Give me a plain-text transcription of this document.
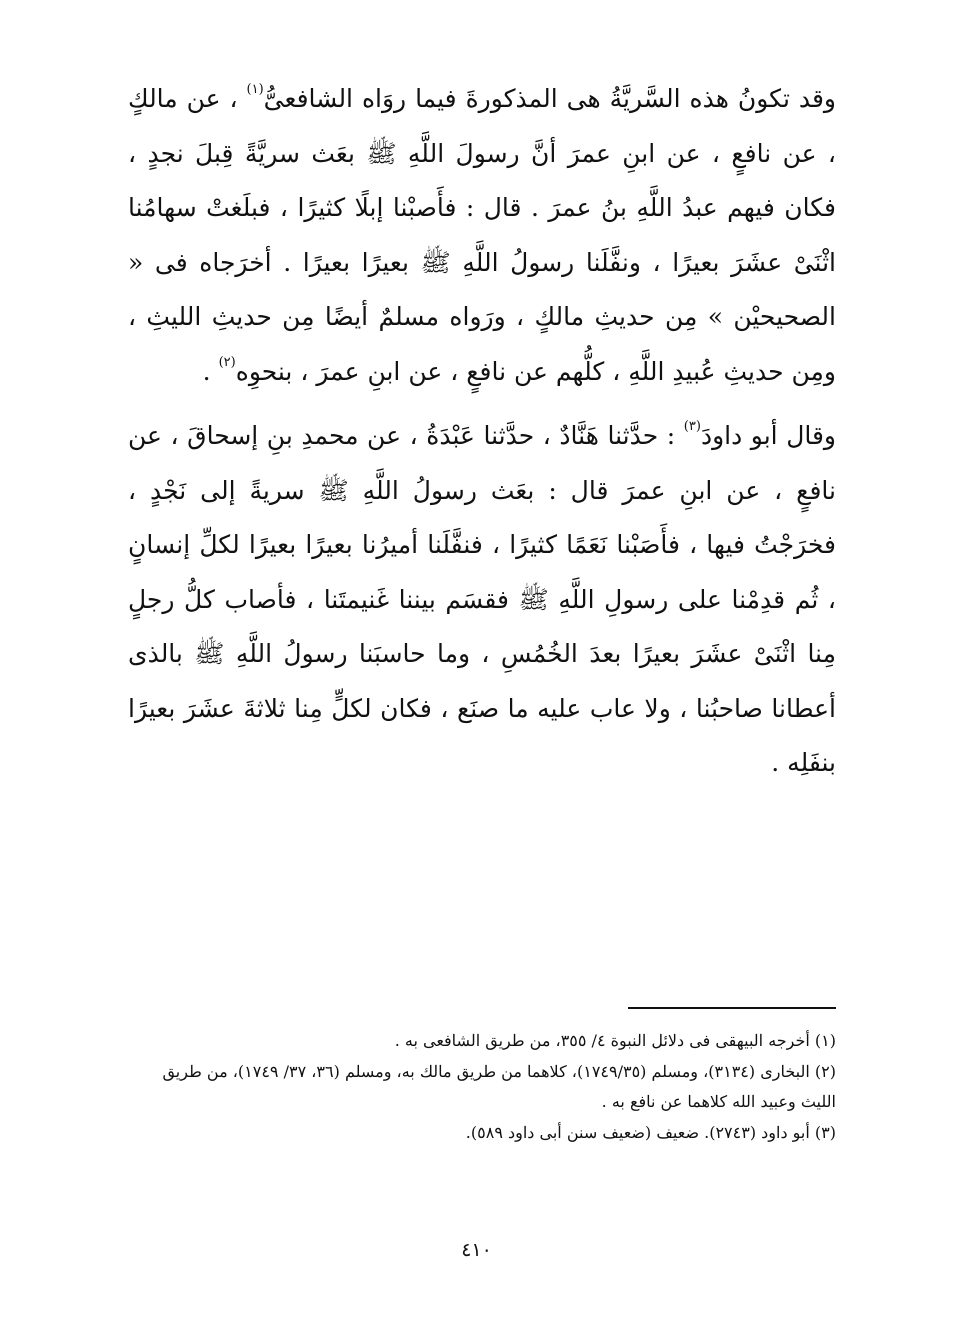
وقد تكونُ هذه السَّريَّةُ هى المذكورةَ فيما روَاه الشافعىُّ$^{(١)}$ ، عن مالكٍ ، عن نافعٍ ، عن ابنِ عمرَ أنَّ رسولَ اللَّهِ ﷺ بعَث سريَّةً قِبلَ نجدٍ ، فكان فيهم عبدُ اللَّهِ بنُ عمرَ . قال : فأَصبْنا إبلًا كثيرًا ، فبلَغتْ سهامُنا اثْنَىْ عشَرَ بعيرًا ، ونفَّلَنا رسولُ اللَّهِ ﷺ بعيرًا بعيرًا . أخرَجاه فى « الصحيحيْن » مِن حديثِ مالكٍ ، ورَواه مسلمٌ أيضًا مِن حديثِ الليثِ ، ومِن حديثِ عُبيدِ اللَّهِ ، كلُّهم عن نافعٍ ، عن ابنِ عمرَ ، بنحوِه$^{(٢)}$ .

وقال أبو داودَ$^{(٣)}$ : حدَّثنا هَنَّادٌ ، حدَّثنا عَبْدَةُ ، عن محمدِ بنِ إسحاقَ ، عن نافعٍ ، عن ابنِ عمرَ قال : بعَث رسولُ اللَّهِ ﷺ سريةً إلى نَجْدٍ ، فخرَجْتُ فيها ، فأَصَبْنا نَعَمًا كثيرًا ، فنفَّلَنا أميرُنا بعيرًا بعيرًا لكلِّ إنسانٍ ، ثُم قدِمْنا على رسولِ اللَّهِ ﷺ فقسَم بيننا غَنيمتَنا ، فأصاب كلُّ رجلٍ مِنا اثْنَىْ عشَرَ بعيرًا بعدَ الخُمُسِ ، وما حاسبَنا رسولُ اللَّهِ ﷺ بالذى أعطانا صاحبُنا ، ولا عاب عليه ما صنَع ، فكان لكلٍّ مِنا ثلاثةَ عشَرَ بعيرًا بنفَلِه .

(١) أخرجه البيهقى فى دلائل النبوة ٤/ ٣٥٥، من طريق الشافعى به .

(٢) البخارى (٣١٣٤)، ومسلم (١٧٤٩/٣٥)، كلاهما من طريق مالك به، ومسلم (٣٦، ٣٧/ ١٧٤٩)، من طريق الليث وعبيد الله كلاهما عن نافع به .

(٣) أبو داود (٢٧٤٣). ضعيف (ضعيف سنن أبى داود ٥٨٩).

٤١٠
